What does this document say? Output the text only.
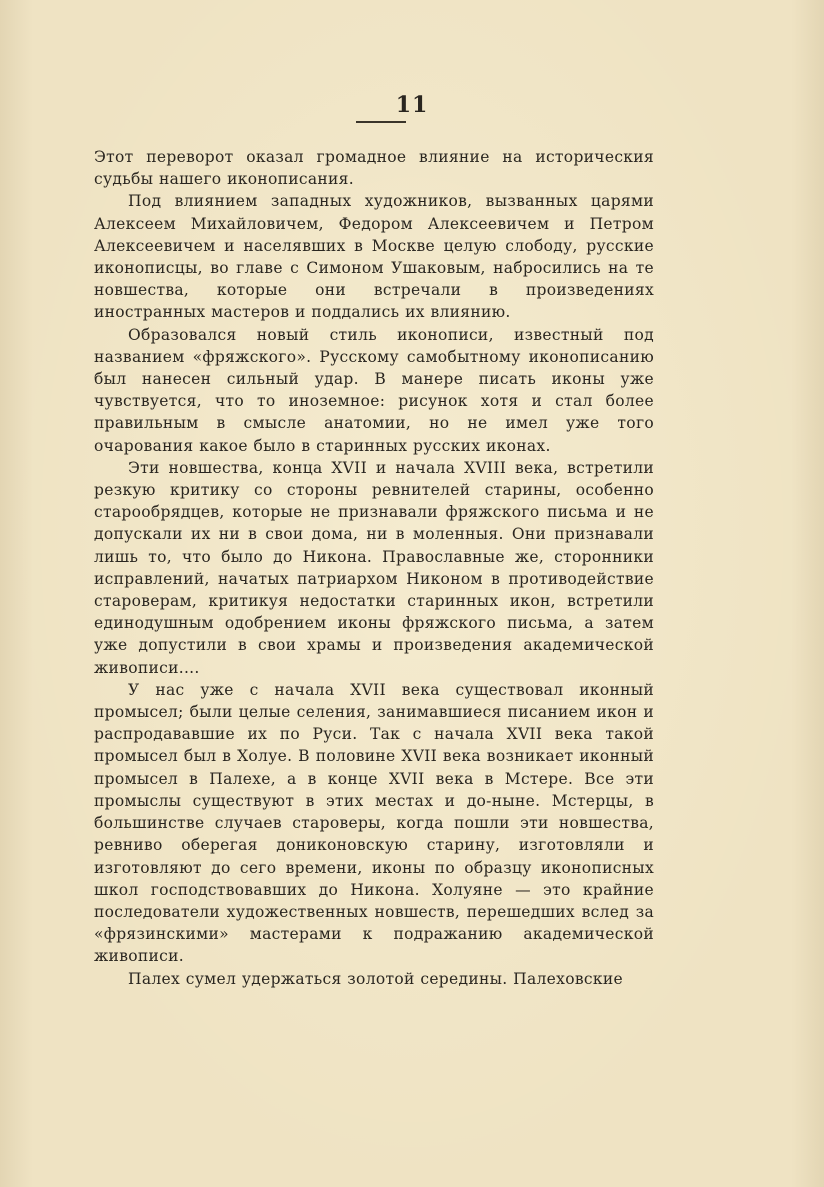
11

Этот переворот оказал громадное влияние на историческия судьбы нашего иконописания.

Под влиянием западных художников, вызванных царями Алексеем Михайловичем, Федором Алексеевичем и Петром Алексеевичем и населявших в Москве целую слободу, русские иконописцы, во главе с Симоном Ушаковым, набросились на те новшества, которые они встречали в произведениях иностранных мастеров и поддались их влиянию.

Образовался новый стиль иконописи, известный под названием «фряжского». Русскому самобытному иконописанию был нанесен сильный удар. В манере писать иконы уже чувствуется, что то иноземное: рисунок хотя и стал более правильным в смысле анатомии, но не имел уже того очарования какое было в старинных русских иконах.

Эти новшества, конца XVII и начала XVIII века, встретили резкую критику со стороны ревнителей старины, особенно старообрядцев, которые не признавали фряжского письма и не допускали их ни в свои дома, ни в моленныя. Они признавали лишь то, что было до Никона. Православные же, сторонники исправлений, начатых патриархом Никоном в противодействие староверам, критикуя недостатки старинных икон, встретили единодушным одобрением иконы фряжского письма, а затем уже допустили в свои храмы и произведения академической живописи....

У нас уже с начала XVII века существовал иконный промысел; были целые селения, занимавшиеся писанием икон и распродававшие их по Руси. Так с начала XVII века такой промысел был в Холуе. В половине XVII века возникает иконный промысел в Палехе, а в конце XVII века в Мстере. Все эти промыслы существуют в этих местах и до-ныне. Мстерцы, в большинстве случаев староверы, когда пошли эти новшества, ревниво оберегая дониконовскую старину, изготовляли и изготовляют до сего времени, иконы по образцу иконописных школ господствовавших до Никона. Холуяне — это крайние последователи художественных новшеств, перешедших вслед за «фрязинскими» мастерами к подражанию академической живописи.

Палех сумел удержаться золотой середины. Палеховские
